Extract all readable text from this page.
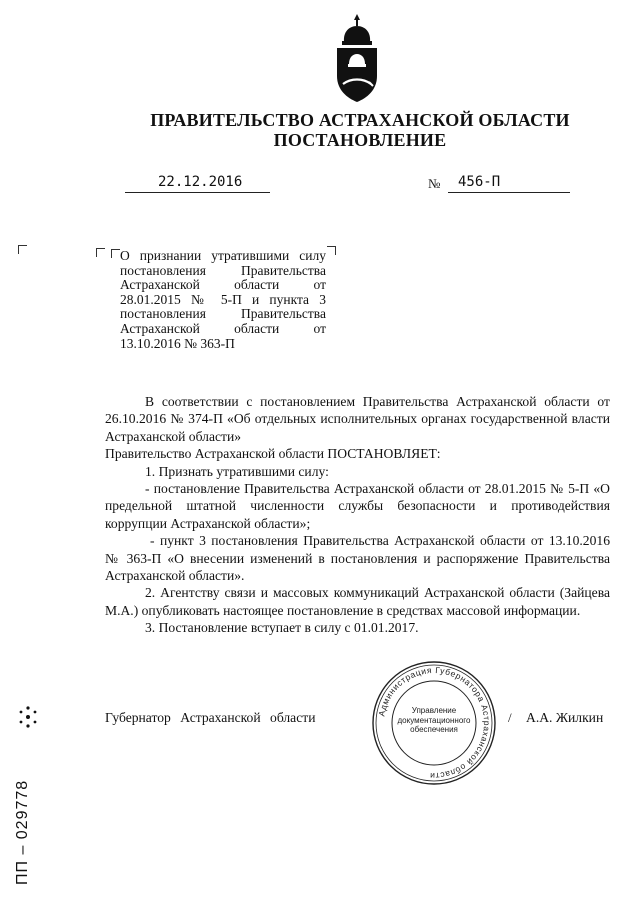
ПРАВИТЕЛЬСТВО АСТРАХАНСКОЙ ОБЛАСТИ
ПОСТАНОВЛЕНИЕ
22.12.2016	№ 456-П
О признании утратившими силу постановления Правительства Астраханской области от 28.01.2015 № 5-П и пункта 3 постановления Правительства Астраханской области от 13.10.2016 № 363-П

В соответствии с постановлением Правительства Астраханской области от 26.10.2016 № 374-П «Об отдельных исполнительных органах государственной власти Астраханской области»

Правительство Астраханской области ПОСТАНОВЛЯЕТ:

1. Признать утратившими силу:

- постановление Правительства Астраханской области от 28.01.2015 № 5-П «О предельной штатной численности службы безопасности и противодействия коррупции Астраханской области»;

- пункт 3 постановления Правительства Астраханской области от 13.10.2016 № 363-П «О внесении изменений в постановления и распоряжение Правительства Астраханской области».

2. Агентству связи и массовых коммуникаций Астраханской области (Зайцева М.А.) опубликовать настоящее постановление в средствах массовой информации.

3. Постановление вступает в силу с 01.01.2017.

Губернатор Астраханской области	/ А.А. Жилкин
Администрация Губернатора Астраханской области
Управление
документационного
обеспечения
ПП – 029778
